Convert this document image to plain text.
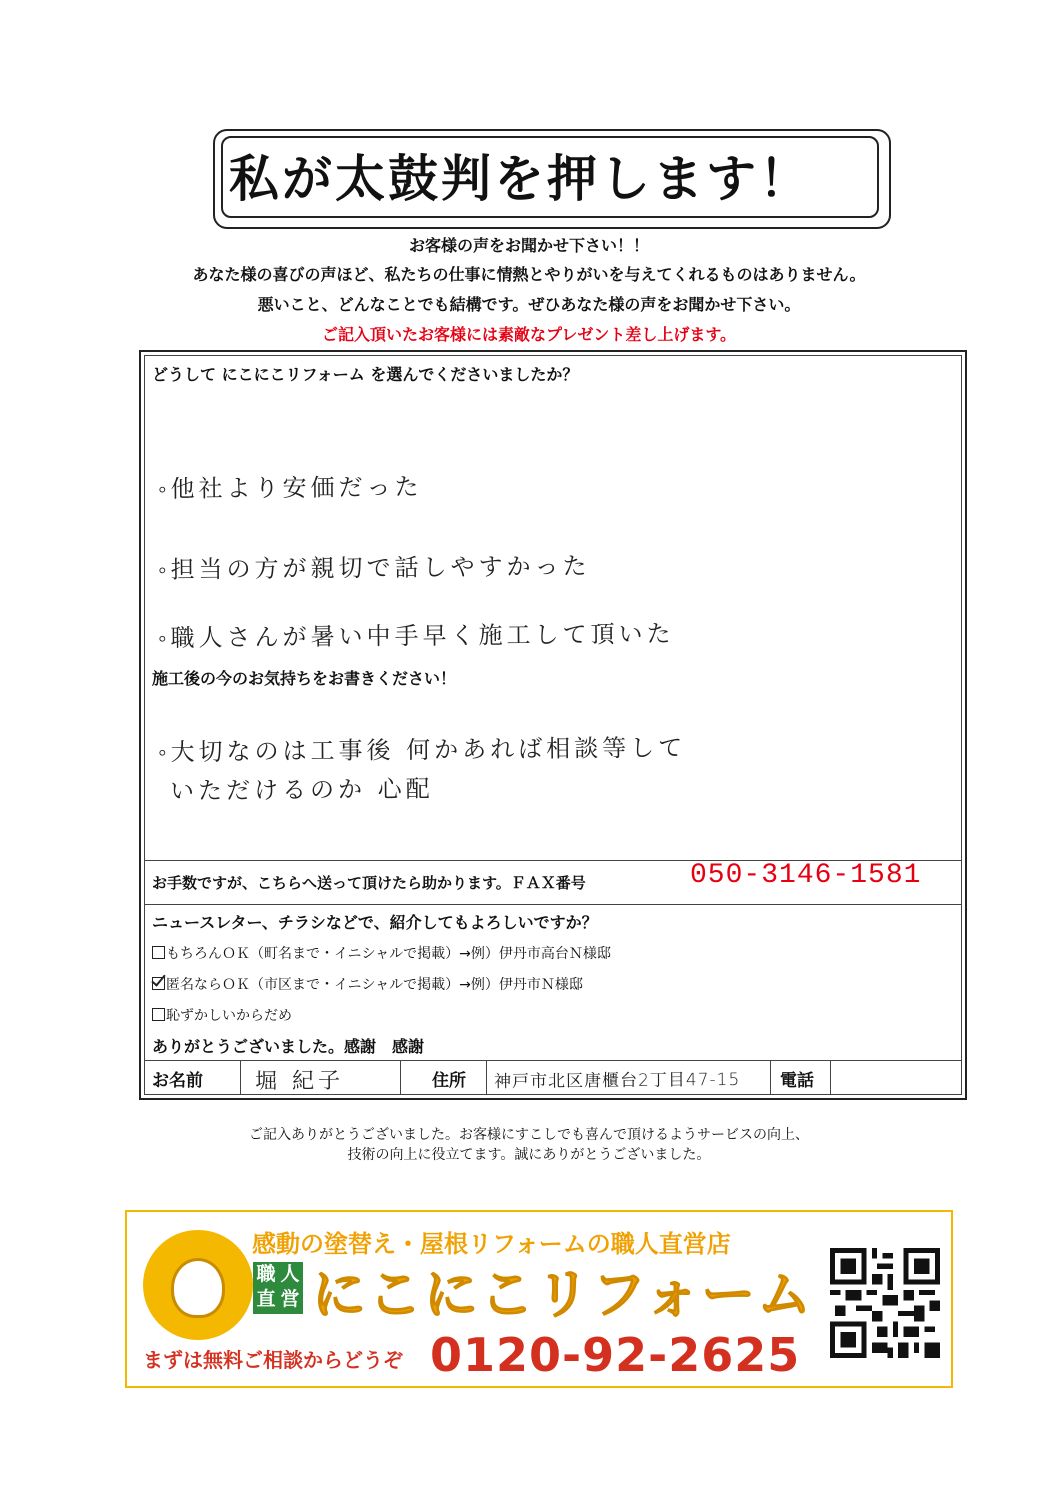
私が太鼓判を押します！
お客様の声をお聞かせ下さい！！
あなた様の喜びの声ほど、私たちの仕事に情熱とやりがいを与えてくれるものはありません。
悪いこと、どんなことでも結構です。ぜひあなた様の声をお聞かせ下さい。
ご記入頂いたお客様には素敵なプレゼント差し上げます。
どうして にこにこリフォーム を選んでくださいましたか？
◦他社より安価だった
◦担当の方が親切で話しやすかった
◦職人さんが暑い中手早く施工して頂いた
施工後の今のお気持ちをお書きください！
◦大切なのは工事後 何かあれば相談等して
いただけるのか 心配
お手数ですが、こちらへ送って頂けたら助かります。ＦＡＸ番号	050-3146-1581
ニュースレター、チラシなどで、紹介してもよろしいですか？
もちろんＯＫ（町名まで・イニシャルで掲載）→例）伊丹市高台Ｎ様邸
匿名ならＯＫ（市区まで・イニシャルで掲載）→例）伊丹市Ｎ様邸
恥ずかしいからだめ
ありがとうございました。感謝　感謝
お名前 堀 紀子	住所 神戸市北区唐櫃台2丁目47-15 電話
ご記入ありがとうございました。お客様にすこしでも喜んで頂けるようサービスの向上、
技術の向上に役立てます。誠にありがとうございました。
感動の塗替え・屋根リフォームの職人直営店
職 人
直 営 にこにこリフォーム
まずは無料ご相談からどうぞ 0120-92-2625
